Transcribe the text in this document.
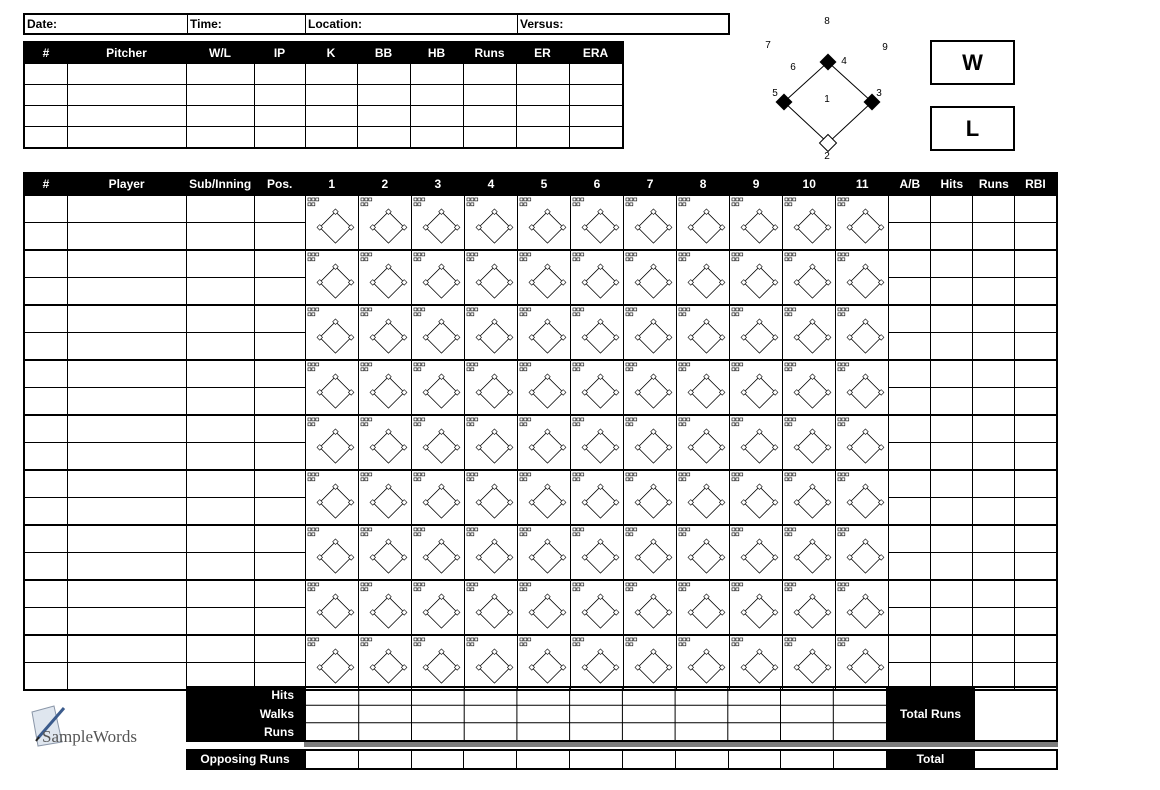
Date:	Time:	Location:	Versus:
#	Pitcher	W/L	IP	K	BB	HB	Runs	ER	ERA

1
2
3
4
5
6
7
8
9
W
L
#	Player	Sub/Inning	Pos.	1	2	3	4	5	6	7	8	9	10	11	A/B	Hits	Runs	RBI

Hits
Walks
Runs
Total Runs
Opposing Runs	Total
SampleWords
